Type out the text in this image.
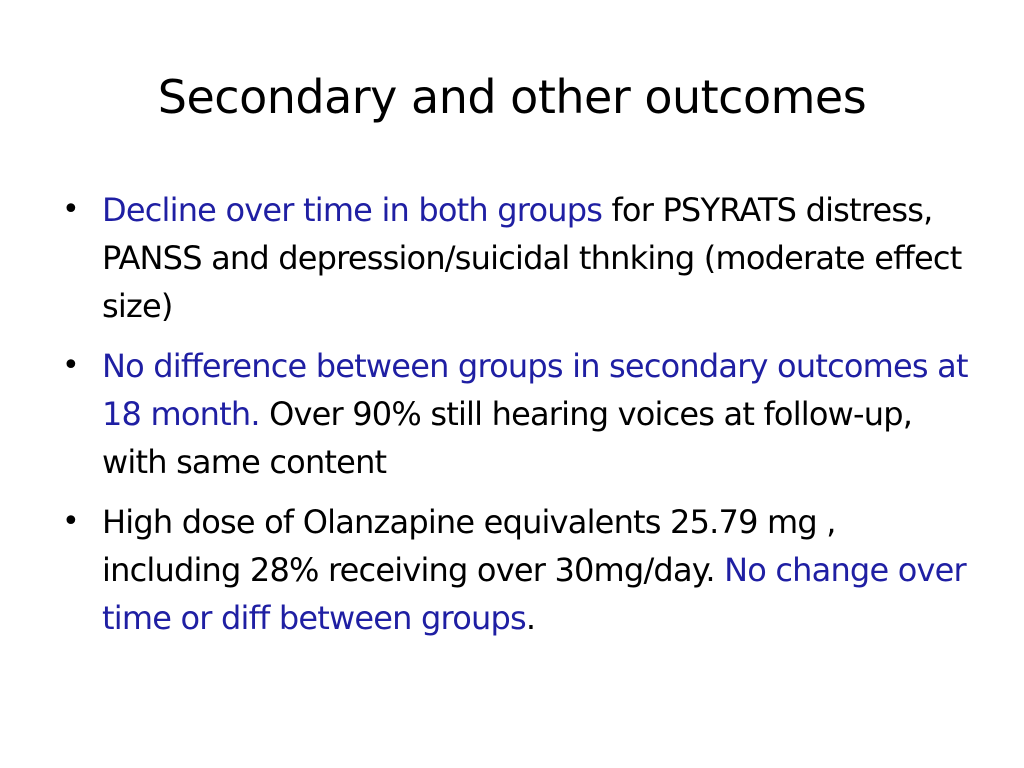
Secondary and other outcomes
• Decline over time in both groups for PSYRATS distress, PANSS and depression/suicidal thnking (moderate effect size)
• No difference between groups in secondary outcomes at 18 month. Over 90% still hearing voices at follow-up, with same content
• High dose of Olanzapine equivalents 25.79 mg , including 28% receiving over 30mg/day. No change over time or diff between groups.
